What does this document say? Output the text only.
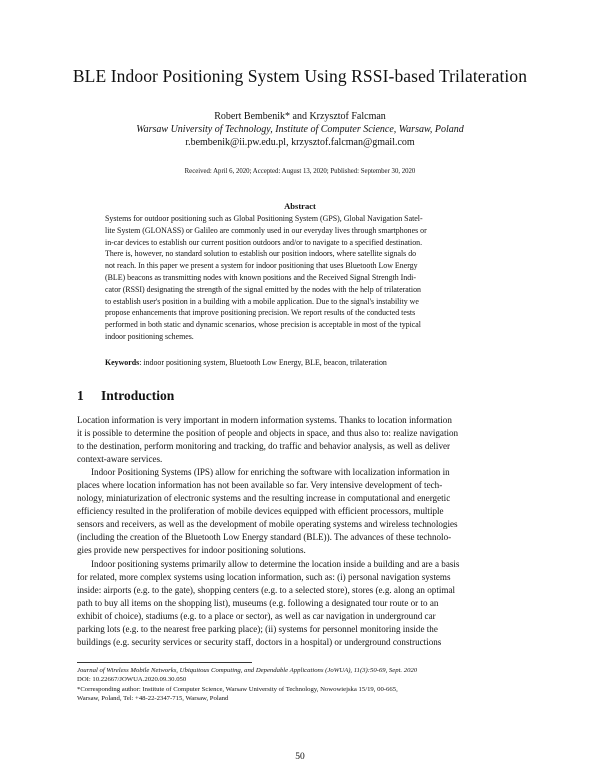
BLE Indoor Positioning System Using RSSI-based Trilateration
Robert Bembenik* and Krzysztof Falcman
Warsaw University of Technology, Institute of Computer Science, Warsaw, Poland
r.bembenik@ii.pw.edu.pl, krzysztof.falcman@gmail.com
Received: April 6, 2020; Accepted: August 13, 2020; Published: September 30, 2020
Abstract
Systems for outdoor positioning such as Global Positioning System (GPS), Global Navigation Satel-
lite System (GLONASS) or Galileo are commonly used in our everyday lives through smartphones or
in-car devices to establish our current position outdoors and/or to navigate to a specified destination.
There is, however, no standard solution to establish our position indoors, where satellite signals do
not reach. In this paper we present a system for indoor positioning that uses Bluetooth Low Energy
(BLE) beacons as transmitting nodes with known positions and the Received Signal Strength Indi-
cator (RSSI) designating the strength of the signal emitted by the nodes with the help of trilateration
to establish user's position in a building with a mobile application. Due to the signal's instability we
propose enhancements that improve positioning precision. We report results of the conducted tests
performed in both static and dynamic scenarios, whose precision is acceptable in most of the typical
indoor positioning schemes.
Keywords: indoor positioning system, Bluetooth Low Energy, BLE, beacon, trilateration
1 Introduction
Location information is very important in modern information systems. Thanks to location information
it is possible to determine the position of people and objects in space, and thus also to: realize navigation
to the destination, perform monitoring and tracking, do traffic and behavior analysis, as well as deliver
context-aware services.
Indoor Positioning Systems (IPS) allow for enriching the software with localization information in
places where location information has not been available so far. Very intensive development of tech-
nology, miniaturization of electronic systems and the resulting increase in computational and energetic
efficiency resulted in the proliferation of mobile devices equipped with efficient processors, multiple
sensors and receivers, as well as the development of mobile operating systems and wireless technologies
(including the creation of the Bluetooth Low Energy standard (BLE)). The advances of these technolo-
gies provide new perspectives for indoor positioning solutions.
Indoor positioning systems primarily allow to determine the location inside a building and are a basis
for related, more complex systems using location information, such as: (i) personal navigation systems
inside: airports (e.g. to the gate), shopping centers (e.g. to a selected store), stores (e.g. along an optimal
path to buy all items on the shopping list), museums (e.g. following a designated tour route or to an
exhibit of choice), stadiums (e.g. to a place or sector), as well as car navigation in underground car
parking lots (e.g. to the nearest free parking place); (ii) systems for personnel monitoring inside the
buildings (e.g. security services or security staff, doctors in a hospital) or underground constructions
Journal of Wireless Mobile Networks, Ubiquitous Computing, and Dependable Applications (JoWUA), 11(3):50-69, Sept. 2020
DOI: 10.22667/JOWUA.2020.09.30.050
*Corresponding author: Institute of Computer Science, Warsaw University of Technology, Nowowiejska 15/19, 00-665,
Warsaw, Poland, Tel: +48-22-2347-715, Warsaw, Poland
50
